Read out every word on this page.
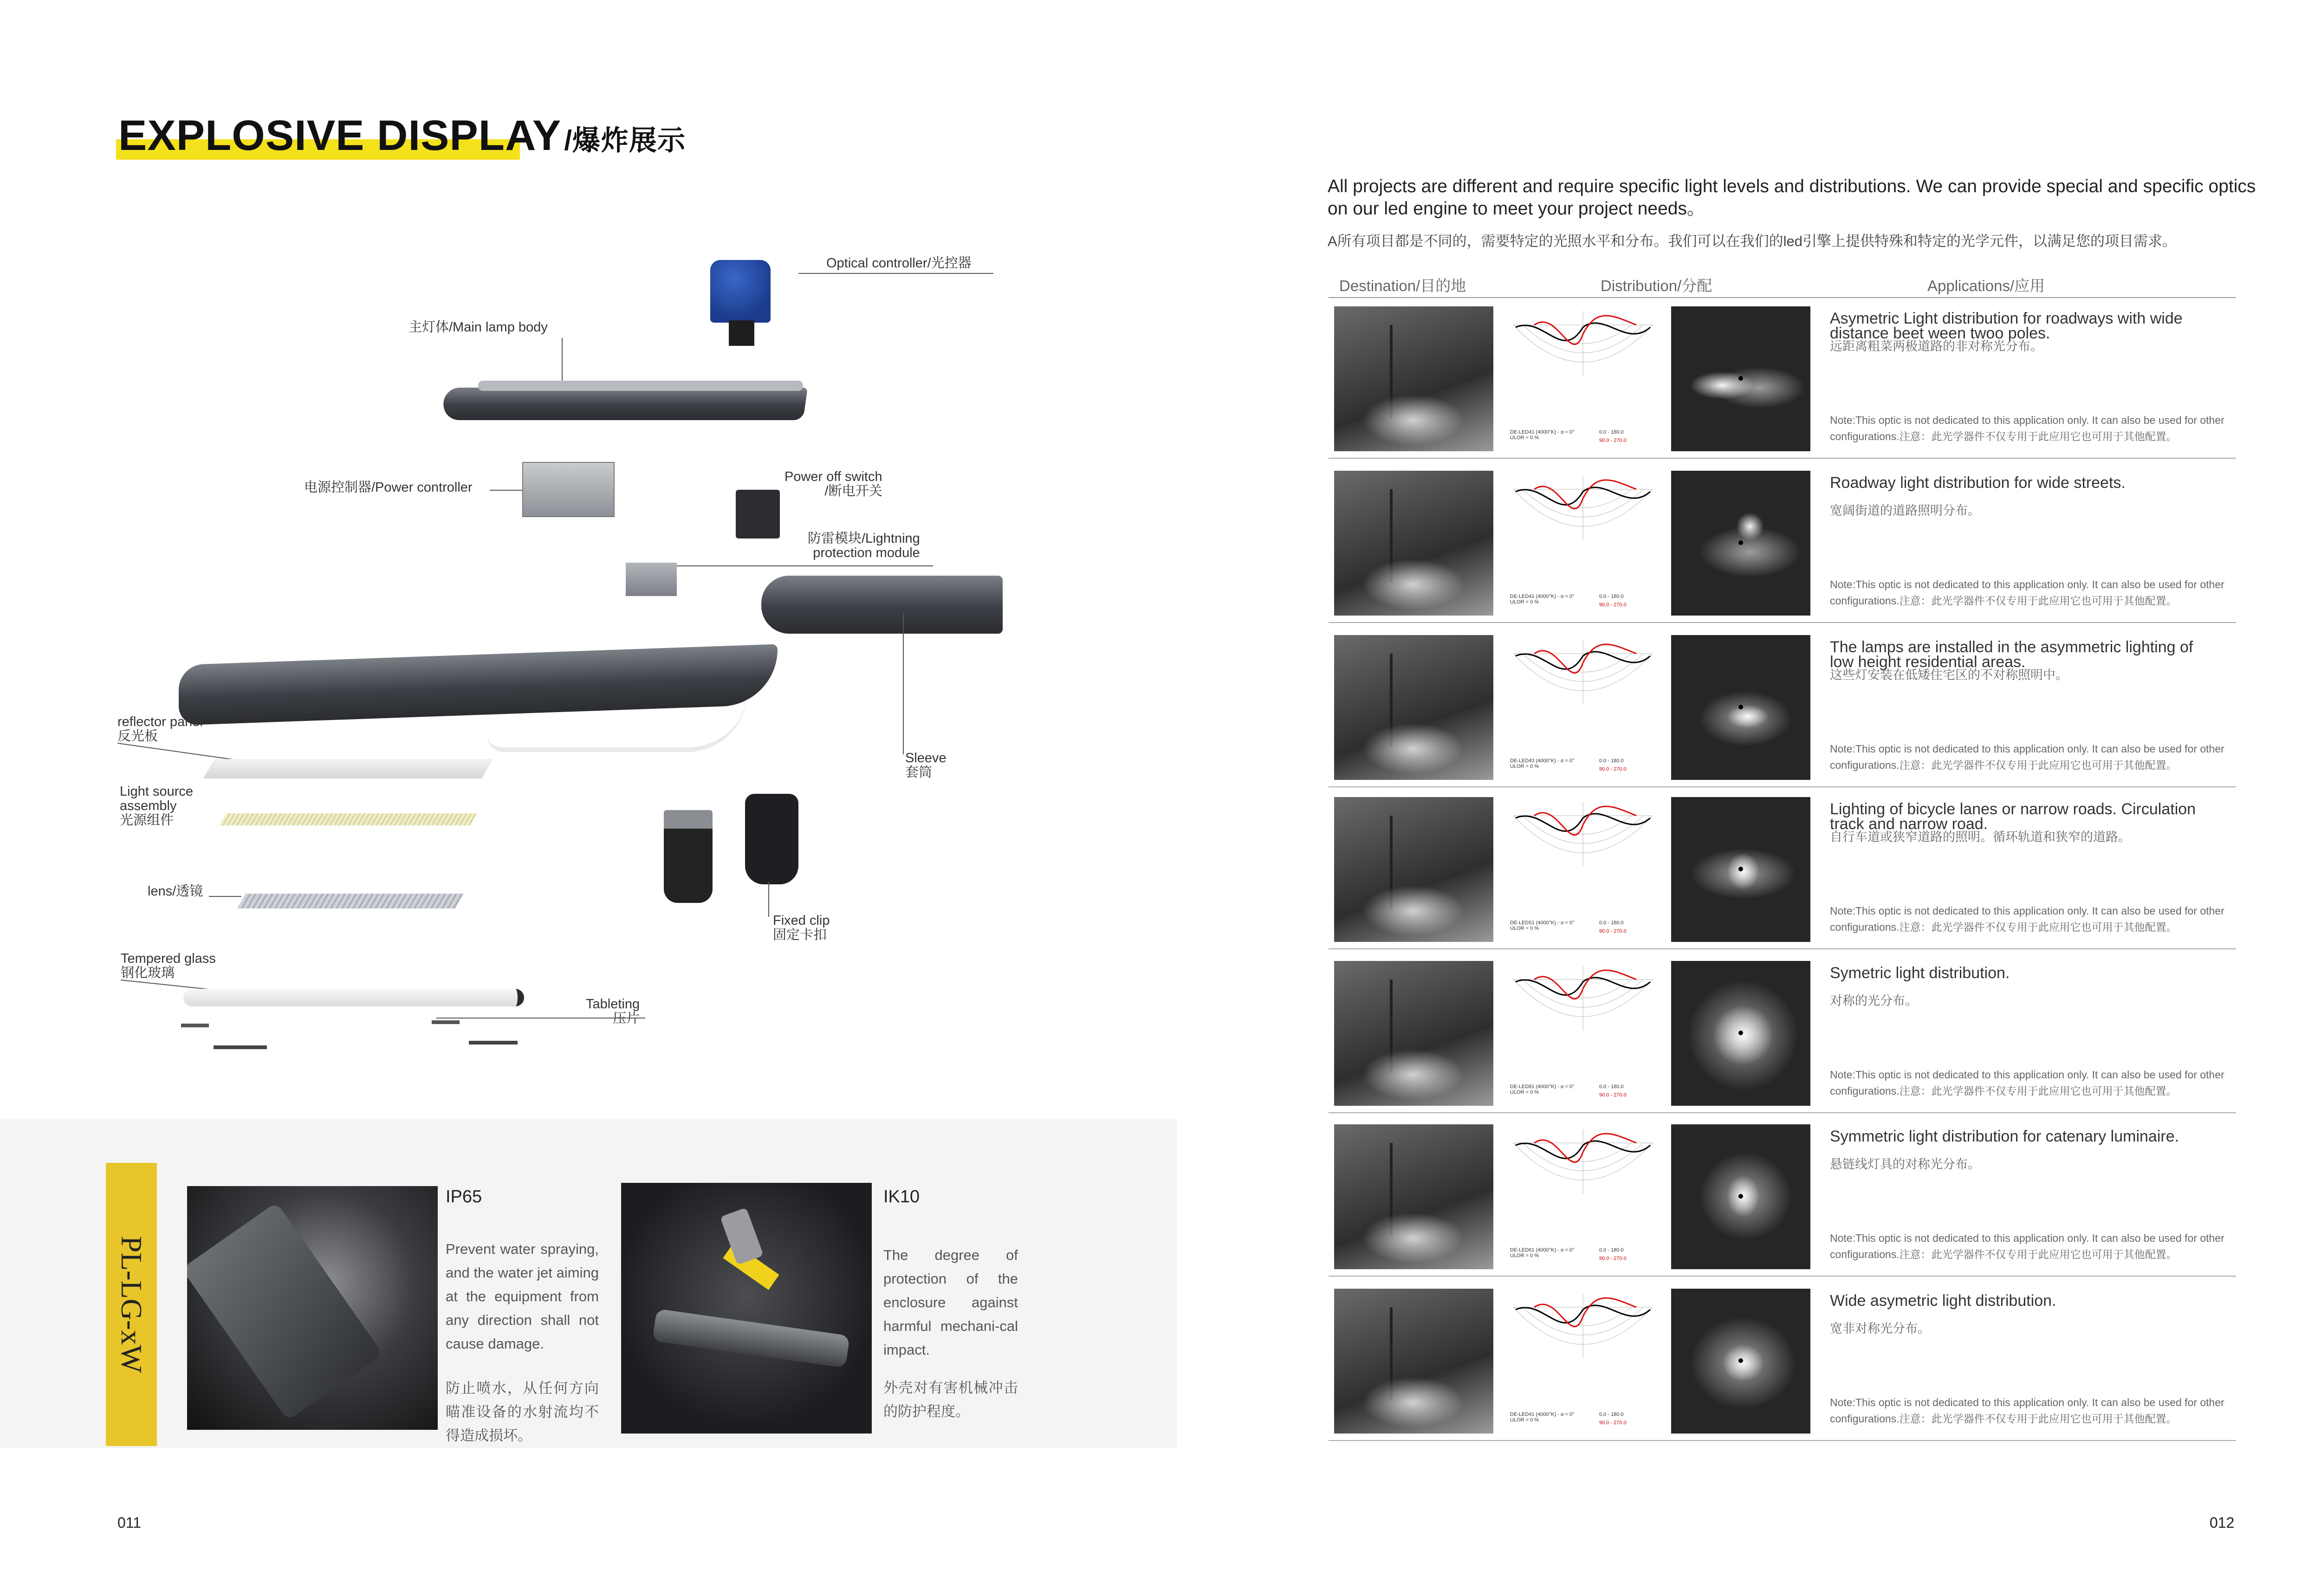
EXPLOSIVE DISPLAY /爆炸展示
Optical controller/光控器
主灯体/Main lamp body
电源控制器/Power controller
Power off switch
/断电开关
防雷模块/Lightning
protection module
Sleeve
套筒
reflector panel
反光板
Light source
assembly
光源组件
lens/透镜
Tempered glass
钢化玻璃
Tableting
压片
Fixed clip
固定卡扣
PL-LG-xW
IP65
Prevent water spraying, and the water jet aiming at the equipment from any direction shall not cause damage.
防止喷水，从任何方向瞄准设备的水射流均不得造成损坏。
IK10
The degree of protection of the enclosure against harmful mechani-cal impact.
外壳对有害机械冲击的防护程度。
011
All projects are different and require specific light levels and distributions. We can provide special and specific optics on our led engine to meet your project needs。
A所有项目都是不同的，需要特定的光照水平和分布。我们可以在我们的led引擎上提供特殊和特定的光学元件，以满足您的项目需求。
Destination/目的地	Distribution/分配	Applications/应用
DE-LED41 (4000°K) - α = 0°
ULOR = 0 %
0.0 - 180.0
90.0 - 270.0
Asymetric Light distribution for roadways with wide distance beet ween twoo poles.
远距离粗菜两极道路的非对称光分布。
Note:This optic is not dedicated to this application only. It can also be used for other configurations.注意：此光学器件不仅专用于此应用它也可用于其他配置。
DE-LED41 (4000°K) - α = 0°
ULOR = 0 %
0.0 - 180.0
90.0 - 270.0
Roadway light distribution for wide streets.
宽阔街道的道路照明分布。
Note:This optic is not dedicated to this application only. It can also be used for other configurations.注意：此光学器件不仅专用于此应用它也可用于其他配置。
DE-LED43 (4000°K) - α = 0°
ULOR = 0 %
0.0 - 180.0
90.0 - 270.0
The lamps are installed in the asymmetric lighting of low height residential areas.
这些灯安装在低矮住宅区的不对称照明中。
Note:This optic is not dedicated to this application only. It can also be used for other configurations.注意：此光学器件不仅专用于此应用它也可用于其他配置。
DE-LED51 (4000°K) - α = 0°
ULOR = 0 %
0.0 - 180.0
90.0 - 270.0
Lighting of bicycle lanes or narrow roads. Circulation track and narrow road.
自行车道或狭窄道路的照明。循环轨道和狭窄的道路。
Note:This optic is not dedicated to this application only. It can also be used for other configurations.注意：此光学器件不仅专用于此应用它也可用于其他配置。
DE-LED81 (4000°K) - α = 0°
ULOR = 0 %
0.0 - 180.0
90.0 - 270.0
Symetric light distribution.
对称的光分布。
Note:This optic is not dedicated to this application only. It can also be used for other configurations.注意：此光学器件不仅专用于此应用它也可用于其他配置。
DE-LED61 (4000°K) - α = 0°
ULOR = 0 %
0.0 - 180.0
90.0 - 270.0
Symmetric light distribution for catenary luminaire.
悬链线灯具的对称光分布。
Note:This optic is not dedicated to this application only. It can also be used for other configurations.注意：此光学器件不仅专用于此应用它也可用于其他配置。
DE-LED41 (4000°K) - α = 0°
ULOR = 0 %
0.0 - 180.0
90.0 - 270.0
Wide asymetric light distribution.
宽非对称光分布。
Note:This optic is not dedicated to this application only. It can also be used for other configurations.注意：此光学器件不仅专用于此应用它也可用于其他配置。
012
